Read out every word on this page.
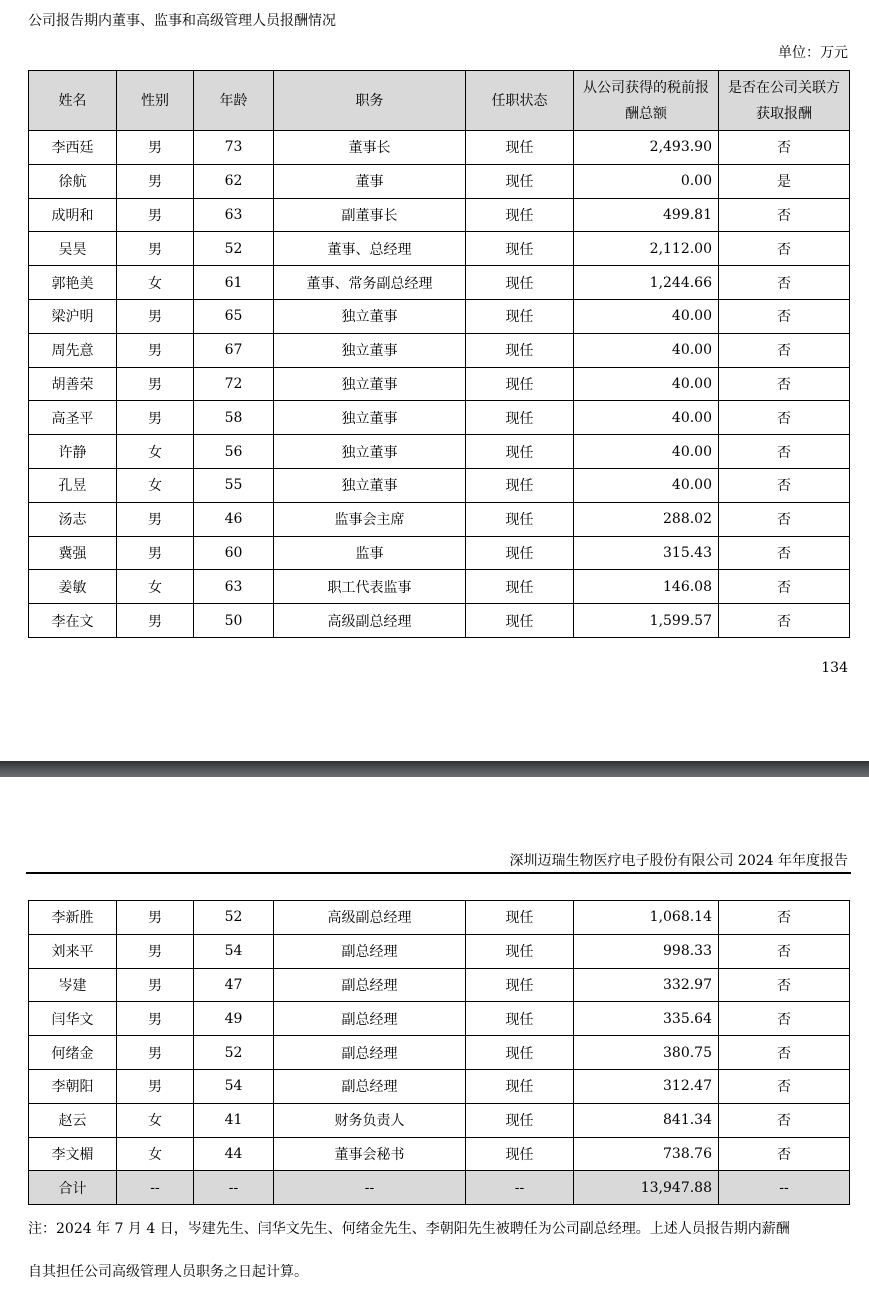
公司报告期内董事、监事和高级管理人员报酬情况
单位：万元
姓名	性别	年龄	职务	任职状态	从公司获得的税前报酬总额	是否在公司关联方获取报酬
李西廷	男	73	董事长	现任	2,493.90	否
徐航	男	62	董事	现任	0.00	是
成明和	男	63	副董事长	现任	499.81	否
吴昊	男	52	董事、总经理	现任	2,112.00	否
郭艳美	女	61	董事、常务副总经理	现任	1,244.66	否
梁沪明	男	65	独立董事	现任	40.00	否
周先意	男	67	独立董事	现任	40.00	否
胡善荣	男	72	独立董事	现任	40.00	否
高圣平	男	58	独立董事	现任	40.00	否
许静	女	56	独立董事	现任	40.00	否
孔昱	女	55	独立董事	现任	40.00	否
汤志	男	46	监事会主席	现任	288.02	否
冀强	男	60	监事	现任	315.43	否
姜敏	女	63	职工代表监事	现任	146.08	否
李在文	男	50	高级副总经理	现任	1,599.57	否
134
深圳迈瑞生物医疗电子股份有限公司 2024 年年度报告
李新胜	男	52	高级副总经理	现任	1,068.14	否
刘来平	男	54	副总经理	现任	998.33	否
岑建	男	47	副总经理	现任	332.97	否
闫华文	男	49	副总经理	现任	335.64	否
何绪金	男	52	副总经理	现任	380.75	否
李朝阳	男	54	副总经理	现任	312.47	否
赵云	女	41	财务负责人	现任	841.34	否
李文楣	女	44	董事会秘书	现任	738.76	否
合计	--	--	--	--	13,947.88	--
注：2024 年 7 月 4 日，岑建先生、闫华文先生、何绪金先生、李朝阳先生被聘任为公司副总经理。上述人员报告期内薪酬
自其担任公司高级管理人员职务之日起计算。
